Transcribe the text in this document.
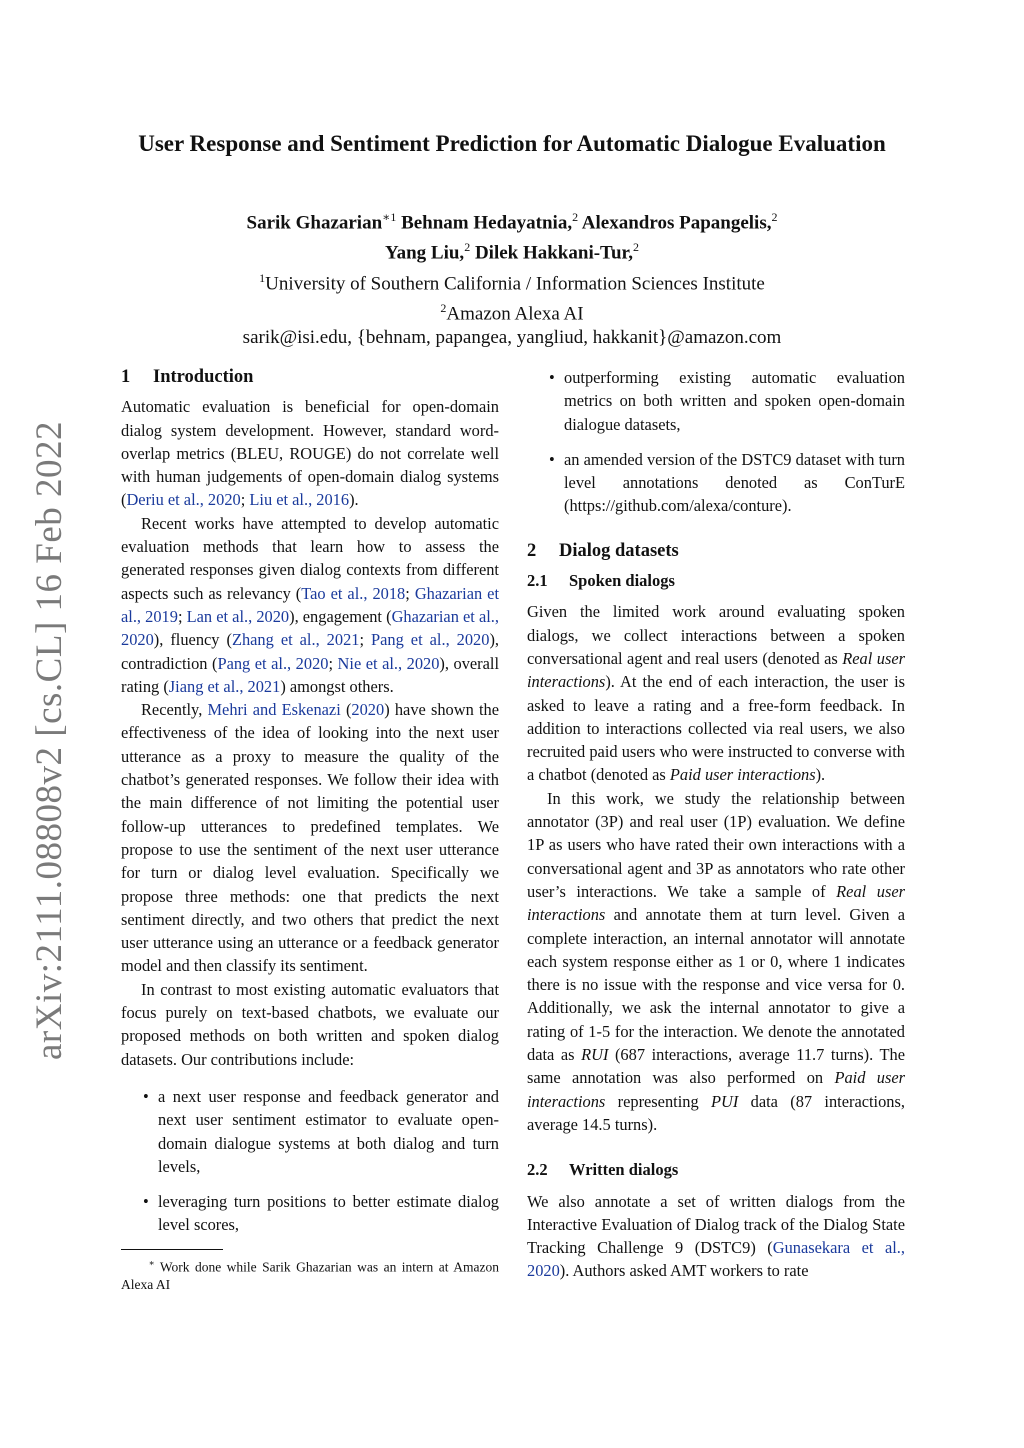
arXiv:2111.08808v2 [cs.CL] 16 Feb 2022
User Response and Sentiment Prediction for Automatic Dialogue Evaluation
Sarik Ghazarian$^{∗1}$ Behnam Hedayatnia,$^2$ Alexandros Papangelis,$^2$
Yang Liu,$^2$ Dilek Hakkani-Tur,$^2$
$^1$University of Southern California / Information Sciences Institute
$^2$Amazon Alexa AI
sarik@isi.edu, {behnam, papangea, yangliud, hakkanit}@amazon.com
1 Introduction

Automatic evaluation is beneficial for open-domain dialog system development. However, standard word-overlap metrics (BLEU, ROUGE) do not correlate well with human judgements of open-domain dialog systems (Deriu et al., 2020; Liu et al., 2016).

Recent works have attempted to develop automatic evaluation methods that learn how to assess the generated responses given dialog contexts from different aspects such as relevancy (Tao et al., 2018; Ghazarian et al., 2019; Lan et al., 2020), engagement (Ghazarian et al., 2020), fluency (Zhang et al., 2021; Pang et al., 2020), contradiction (Pang et al., 2020; Nie et al., 2020), overall rating (Jiang et al., 2021) amongst others.

Recently, Mehri and Eskenazi (2020) have shown the effectiveness of the idea of looking into the next user utterance as a proxy to measure the quality of the chatbot’s generated responses. We follow their idea with the main difference of not limiting the potential user follow-up utterances to predefined templates. We propose to use the sentiment of the next user utterance for turn or dialog level evaluation. Specifically we propose three methods: one that predicts the next sentiment directly, and two others that predict the next user utterance using an utterance or a feedback generator model and then classify its sentiment.

In contrast to most existing automatic evaluators that focus purely on text-based chatbots, we evaluate our proposed methods on both written and spoken dialog datasets. Our contributions include:

• a next user response and feedback generator and next user sentiment estimator to evaluate open-domain dialogue systems at both dialog and turn levels,
• leveraging turn positions to better estimate dialog level scores,
∗ Work done while Sarik Ghazarian was an intern at Amazon Alexa AI
• outperforming existing automatic evaluation metrics on both written and spoken open-domain dialogue datasets,
• an amended version of the DSTC9 dataset with turn level annotations denoted as ConTurE (https://github.com/alexa/conture).
2 Dialog datasets
2.1 Spoken dialogs

Given the limited work around evaluating spoken dialogs, we collect interactions between a spoken conversational agent and real users (denoted as Real user interactions). At the end of each interaction, the user is asked to leave a rating and a free-form feedback. In addition to interactions collected via real users, we also recruited paid users who were instructed to converse with a chatbot (denoted as Paid user interactions).

In this work, we study the relationship between annotator (3P) and real user (1P) evaluation. We define 1P as users who have rated their own interactions with a conversational agent and 3P as annotators who rate other user’s interactions. We take a sample of Real user interactions and annotate them at turn level. Given a complete interaction, an internal annotator will annotate each system response either as 1 or 0, where 1 indicates there is no issue with the response and vice versa for 0. Additionally, we ask the internal annotator to give a rating of 1-5 for the interaction. We denote the annotated data as RUI (687 interactions, average 11.7 turns). The same annotation was also performed on Paid user interactions representing PUI data (87 interactions, average 14.5 turns).

2.2 Written dialogs

We also annotate a set of written dialogs from the Interactive Evaluation of Dialog track of the Dialog State Tracking Challenge 9 (DSTC9) (Gunasekara et al., 2020). Authors asked AMT workers to rate
